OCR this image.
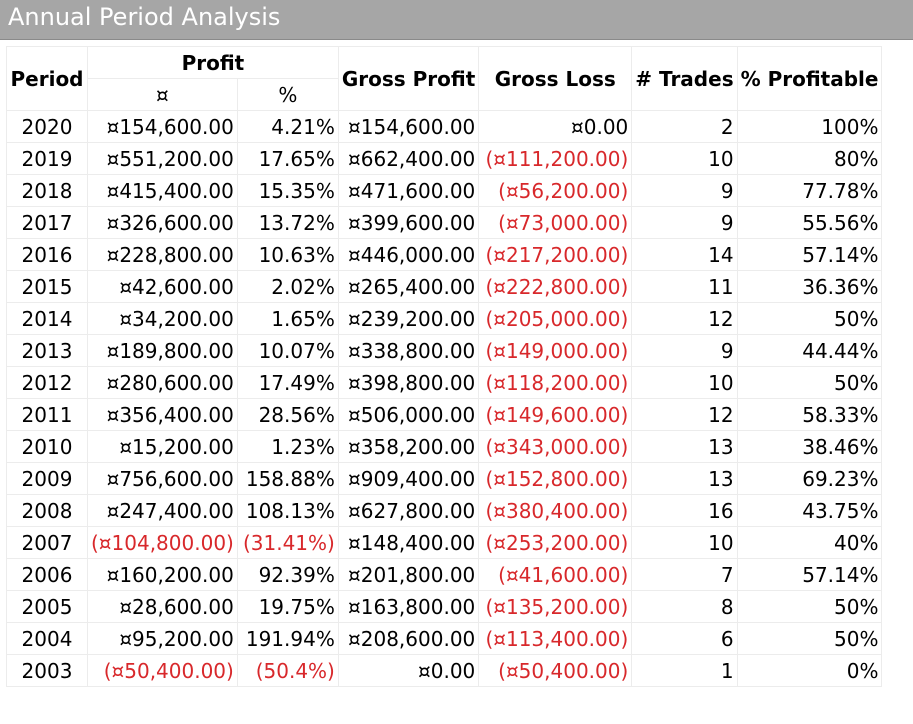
Annual Period Analysis
Period	Profit		Gross Profit	Gross Loss	# Trades	% Profitable
	¤	%				
2020	¤154,600.00	4.21%	¤154,600.00	¤0.00	2	100%
2019	¤551,200.00	17.65%	¤662,400.00	(¤111,200.00)	10	80%
2018	¤415,400.00	15.35%	¤471,600.00	(¤56,200.00)	9	77.78%
2017	¤326,600.00	13.72%	¤399,600.00	(¤73,000.00)	9	55.56%
2016	¤228,800.00	10.63%	¤446,000.00	(¤217,200.00)	14	57.14%
2015	¤42,600.00	2.02%	¤265,400.00	(¤222,800.00)	11	36.36%
2014	¤34,200.00	1.65%	¤239,200.00	(¤205,000.00)	12	50%
2013	¤189,800.00	10.07%	¤338,800.00	(¤149,000.00)	9	44.44%
2012	¤280,600.00	17.49%	¤398,800.00	(¤118,200.00)	10	50%
2011	¤356,400.00	28.56%	¤506,000.00	(¤149,600.00)	12	58.33%
2010	¤15,200.00	1.23%	¤358,200.00	(¤343,000.00)	13	38.46%
2009	¤756,600.00	158.88%	¤909,400.00	(¤152,800.00)	13	69.23%
2008	¤247,400.00	108.13%	¤627,800.00	(¤380,400.00)	16	43.75%
2007	(¤104,800.00)	(31.41%)	¤148,400.00	(¤253,200.00)	10	40%
2006	¤160,200.00	92.39%	¤201,800.00	(¤41,600.00)	7	57.14%
2005	¤28,600.00	19.75%	¤163,800.00	(¤135,200.00)	8	50%
2004	¤95,200.00	191.94%	¤208,600.00	(¤113,400.00)	6	50%
2003	(¤50,400.00)	(50.4%)	¤0.00	(¤50,400.00)	1	0%
